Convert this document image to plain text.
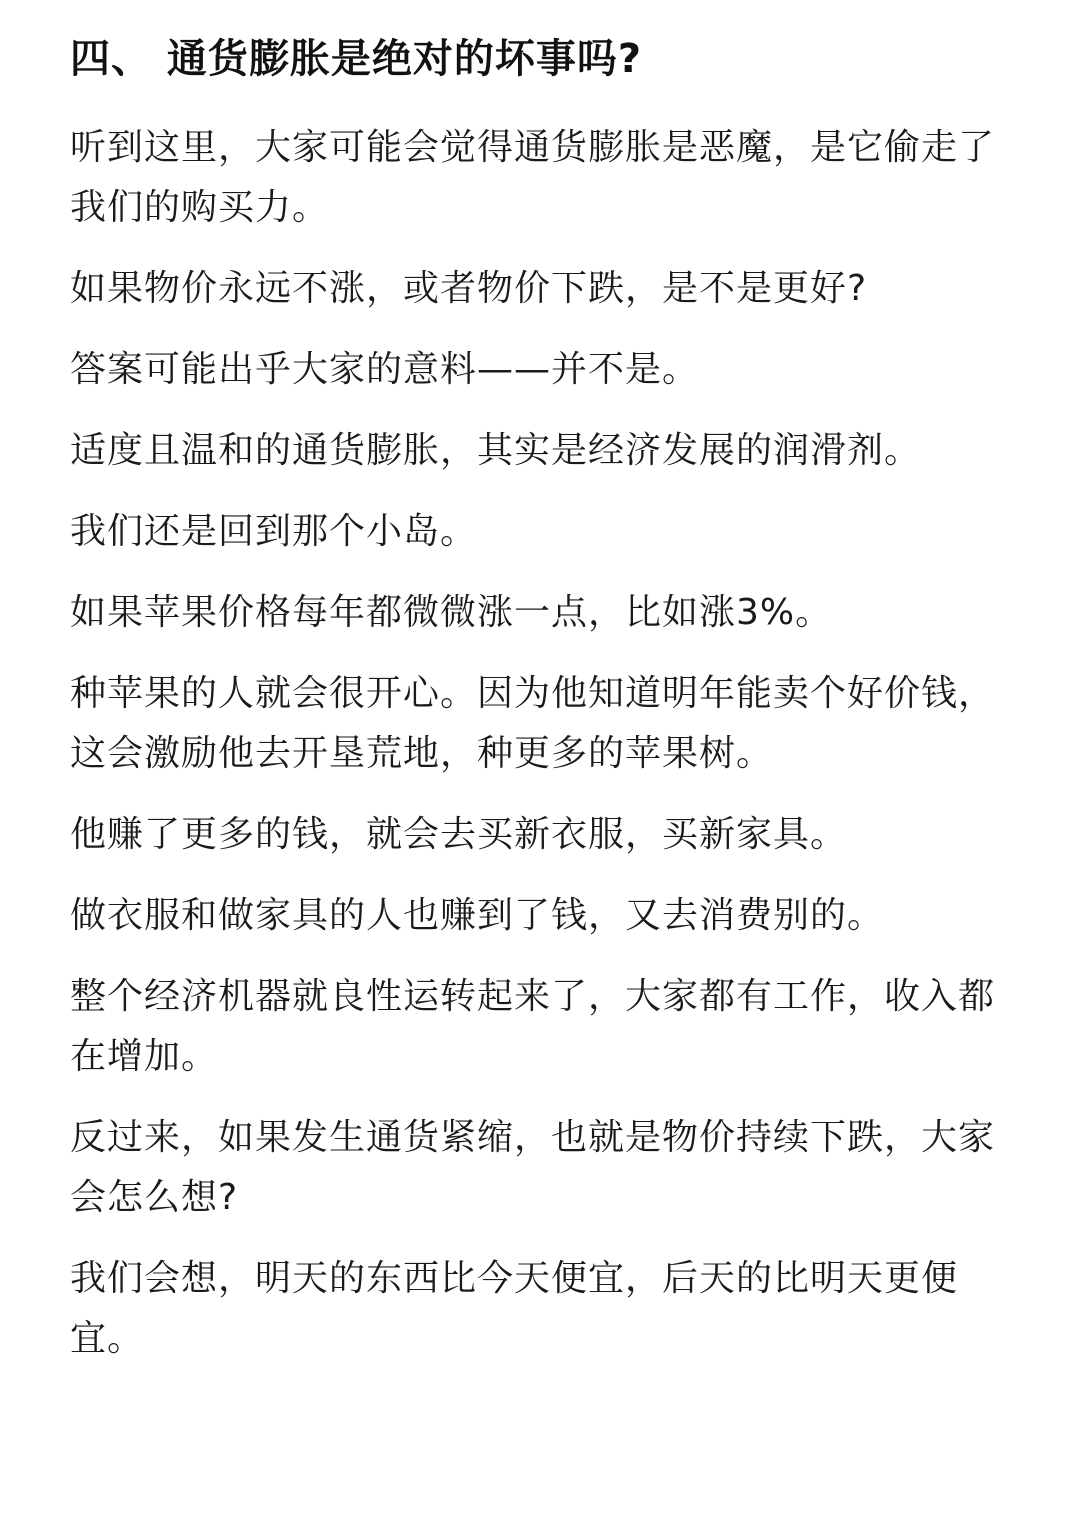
四、 通货膨胀是绝对的坏事吗?

听到这里，大家可能会觉得通货膨胀是恶魔，是它偷走了我们的购买力。

如果物价永远不涨，或者物价下跌，是不是更好?

答案可能出乎大家的意料——并不是。

适度且温和的通货膨胀，其实是经济发展的润滑剂。

我们还是回到那个小岛。

如果苹果价格每年都微微涨一点，比如涨3%。

种苹果的人就会很开心。因为他知道明年能卖个好价钱，这会激励他去开垦荒地，种更多的苹果树。

他赚了更多的钱，就会去买新衣服，买新家具。

做衣服和做家具的人也赚到了钱，又去消费别的。

整个经济机器就良性运转起来了，大家都有工作，收入都在增加。

反过来，如果发生通货紧缩，也就是物价持续下跌，大家会怎么想?

我们会想，明天的东西比今天便宜，后天的比明天更便宜。
